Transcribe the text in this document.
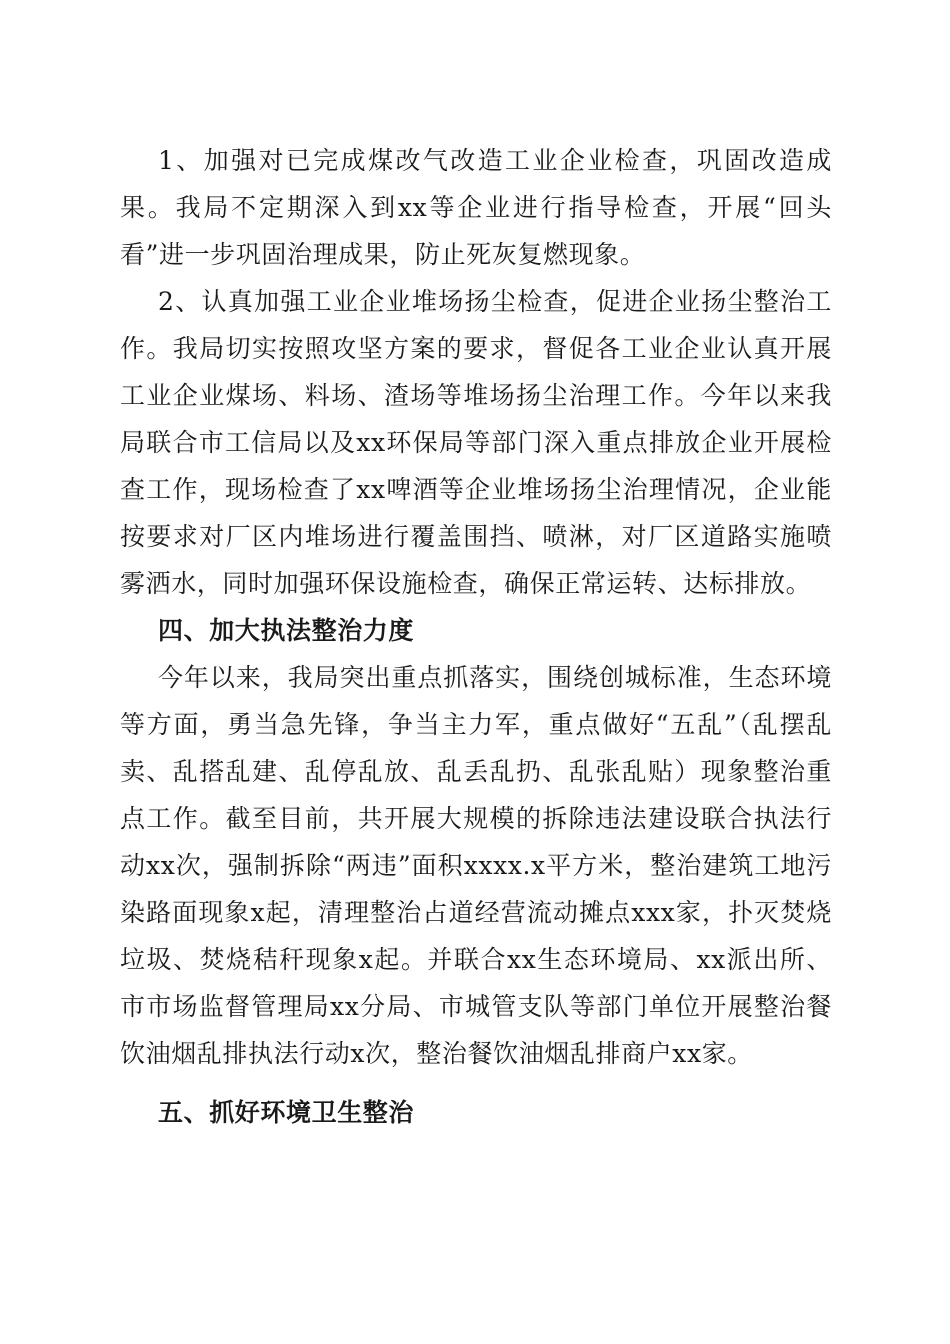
1、加强对已完成煤改气改造工业企业检查，巩固改造成果。我局不定期深入到xx等企业进行指导检查，开展“回头看”进一步巩固治理成果，防止死灰复燃现象。

2、认真加强工业企业堆场扬尘检查，促进企业扬尘整治工作。我局切实按照攻坚方案的要求，督促各工业企业认真开展工业企业煤场、料场、渣场等堆场扬尘治理工作。今年以来我局联合市工信局以及xx环保局等部门深入重点排放企业开展检查工作，现场检查了xx啤酒等企业堆场扬尘治理情况，企业能按要求对厂区内堆场进行覆盖围挡、喷淋，对厂区道路实施喷雾洒水，同时加强环保设施检查，确保正常运转、达标排放。

四、加大执法整治力度

今年以来，我局突出重点抓落实，围绕创城标准，生态环境等方面，勇当急先锋，争当主力军，重点做好“五乱”（乱摆乱卖、乱搭乱建、乱停乱放、乱丢乱扔、乱张乱贴）现象整治重点工作。截至目前，共开展大规模的拆除违法建设联合执法行动xx次，强制拆除“两违”面积xxxx.x平方米，整治建筑工地污染路面现象x起，清理整治占道经营流动摊点xxx家，扑灭焚烧垃圾、焚烧秸秆现象x起。并联合xx生态环境局、xx派出所、市市场监督管理局xx分局、市城管支队等部门单位开展整治餐饮油烟乱排执法行动x次，整治餐饮油烟乱排商户xx家。

五、抓好环境卫生整治
